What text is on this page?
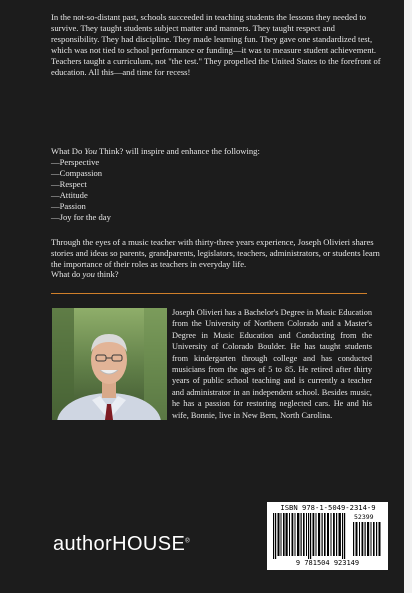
In the not-so-distant past, schools succeeded in teaching students the lessons they needed to survive. They taught students subject matter and manners. They taught respect and responsibility. They had discipline. They made learning fun. They gave one standardized test, which was not tied to school performance or funding—it was to measure student achievement. Teachers taught a curriculum, not "the test." They propelled the United States to the forefront of education. All this—and time for recess!
What Do You Think? will inspire and enhance the following:
—Perspective
—Compassion
—Respect
—Attitude
—Passion
—Joy for the day
Through the eyes of a music teacher with thirty-three years experience, Joseph Olivieri shares stories and ideas so parents, grandparents, legislators, teachers, administrators, or students learn the importance of their roles as teachers in everyday life.
What do you think?
Joseph Olivieri has a Bachelor's Degree in Music Education from the University of Northern Colorado and a Master's Degree in Music Education and Conducting from the University of Colorado Boulder. He has taught students from kindergarten through college and has conducted musicians from the ages of 5 to 85. He retired after thirty years of public school teaching and is currently a teacher and administrator in an independent school. Besides music, he has a passion for restoring neglected cars. He and his wife, Bonnie, live in New Bern, North Carolina.
authorHOUSE®
ISBN 978-1-5049-2314-9
52399
9 781504 923149
